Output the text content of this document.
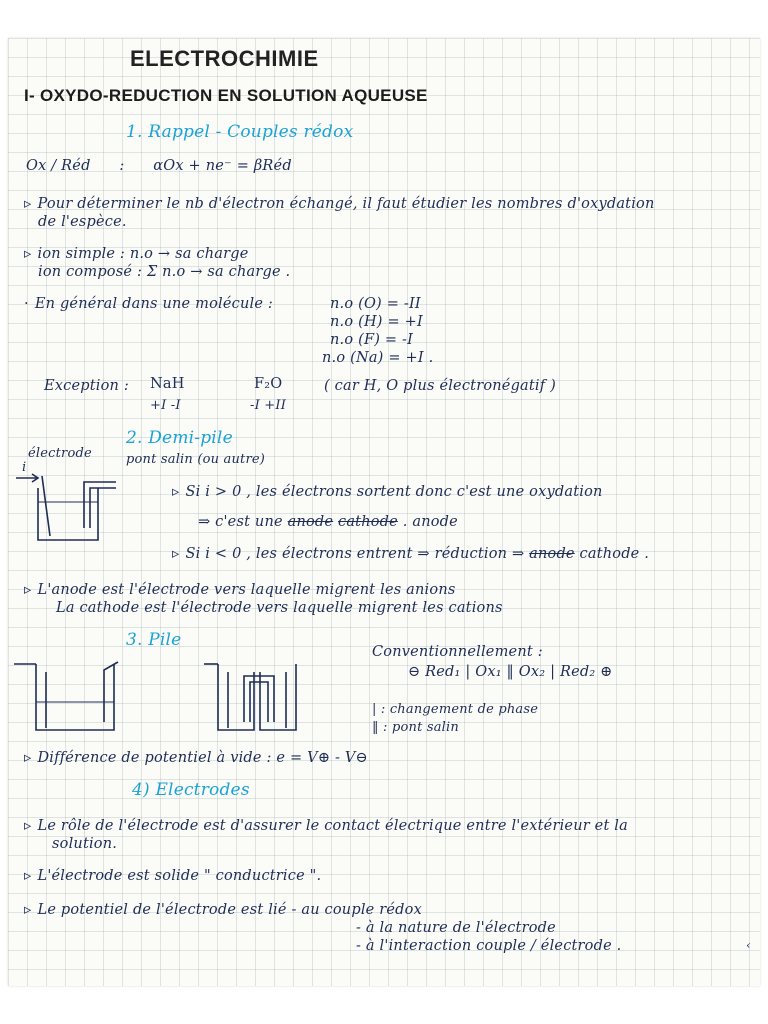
ELECTROCHIMIE
I- OXYDO-REDUCTION EN SOLUTION AQUEUSE
1. Rappel - Couples rédox
Ox / Réd : αOx + ne⁻ = βRéd
▹ Pour déterminer le nb d'électron échangé, il faut étudier les nombres d'oxydation
de l'espèce.
▹ ion simple : n.o → sa charge
ion composé : Σ n.o → sa charge .
· En général dans une molécule :	n.o (O) = -II
n.o (H) = +I
n.o (F) = -I
n.o (Na) = +I .
Exception : NaH
+I -I
F₂O
-I +II
( car H, O plus électronégatif )
2. Demi-pile
électrode	pont salin (ou autre)
i
▹ Si i > 0 , les électrons sortent donc c'est une oxydation
⇒ c'est une anode cathode . anode
▹ Si i < 0 , les électrons entrent ⇒ réduction ⇒ anode cathode .
▹ L'anode est l'électrode vers laquelle migrent les anions
La cathode est l'électrode vers laquelle migrent les cations
3. Pile
Conventionnellement :
⊖ Red₁ | Ox₁ ‖ Ox₂ | Red₂ ⊕
| : changement de phase
‖ : pont salin
▹ Différence de potentiel à vide : e = V⊕ - V⊖
4) Electrodes
▹ Le rôle de l'électrode est d'assurer le contact électrique entre l'extérieur et la
solution.
▹ L'électrode est solide " conductrice ".
▹ Le potentiel de l'électrode est lié - au couple rédox
- à la nature de l'électrode
- à l'interaction couple / électrode .	‹
